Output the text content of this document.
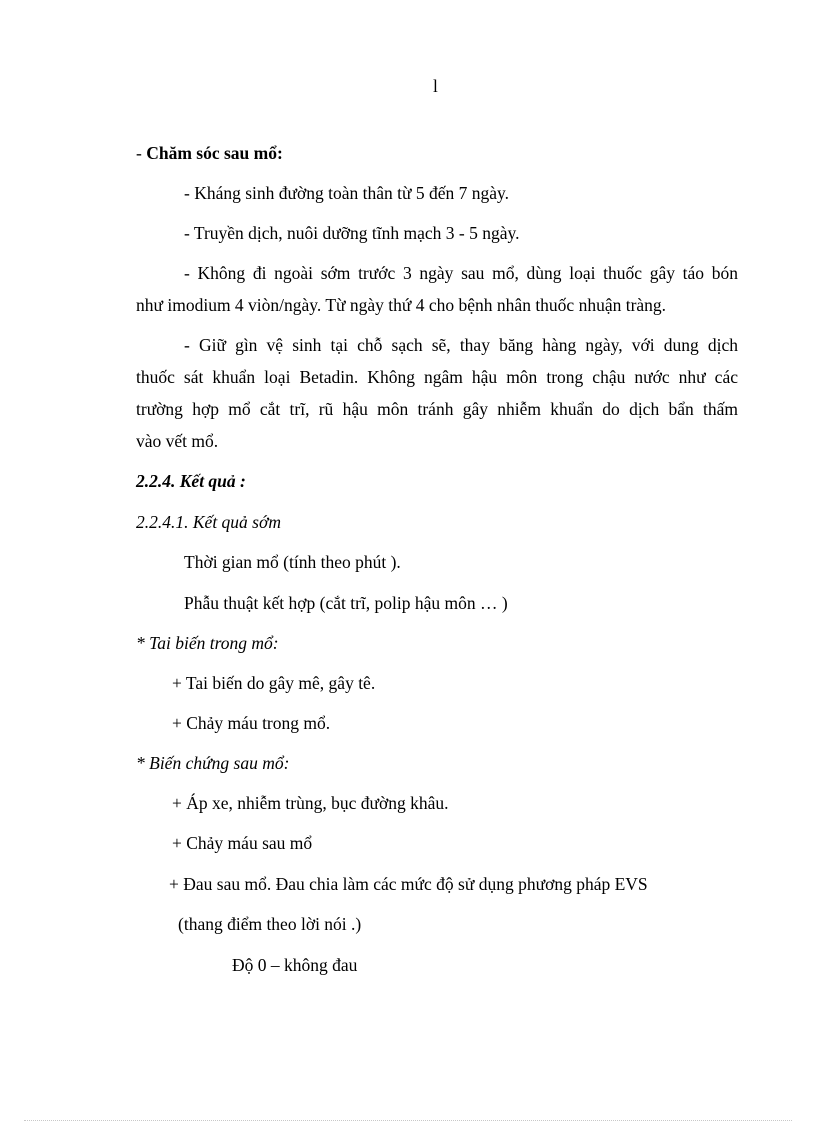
l
- Chăm sóc sau mổ:
- Kháng sinh đường toàn thân từ 5 đến 7 ngày.
- Truyền dịch, nuôi dưỡng tĩnh mạch 3 - 5 ngày.
- Không đi ngoài sớm trước 3 ngày sau mổ, dùng loại thuốc gây táo bón
như imodium 4 viòn/ngày. Từ ngày thứ 4 cho bệnh nhân thuốc nhuận tràng.
- Giữ gìn vệ sinh tại chỗ sạch sẽ, thay băng hàng ngày, với dung dịch
thuốc sát khuẩn loại Betadin. Không ngâm hậu môn trong chậu nước như các
trường hợp mổ cắt trĩ, rũ hậu môn tránh gây nhiễm khuẩn do dịch bẩn thấm
vào vết mổ.
2.2.4. Kết quả :
2.2.4.1. Kết quả sớm
Thời gian mổ (tính theo phút ).
Phẫu thuật kết hợp (cắt trĩ, polip hậu môn … )
* Tai biến trong mổ:
+ Tai biến do gây mê, gây tê.
+ Chảy máu trong mổ.
* Biến chứng sau mổ:
+ Áp xe, nhiễm trùng, bục đường khâu.
+ Chảy máu sau mổ
+ Đau sau mổ. Đau chia làm các mức độ sử dụng phương pháp EVS
(thang điểm theo lời nói .)
Độ 0 – không đau
